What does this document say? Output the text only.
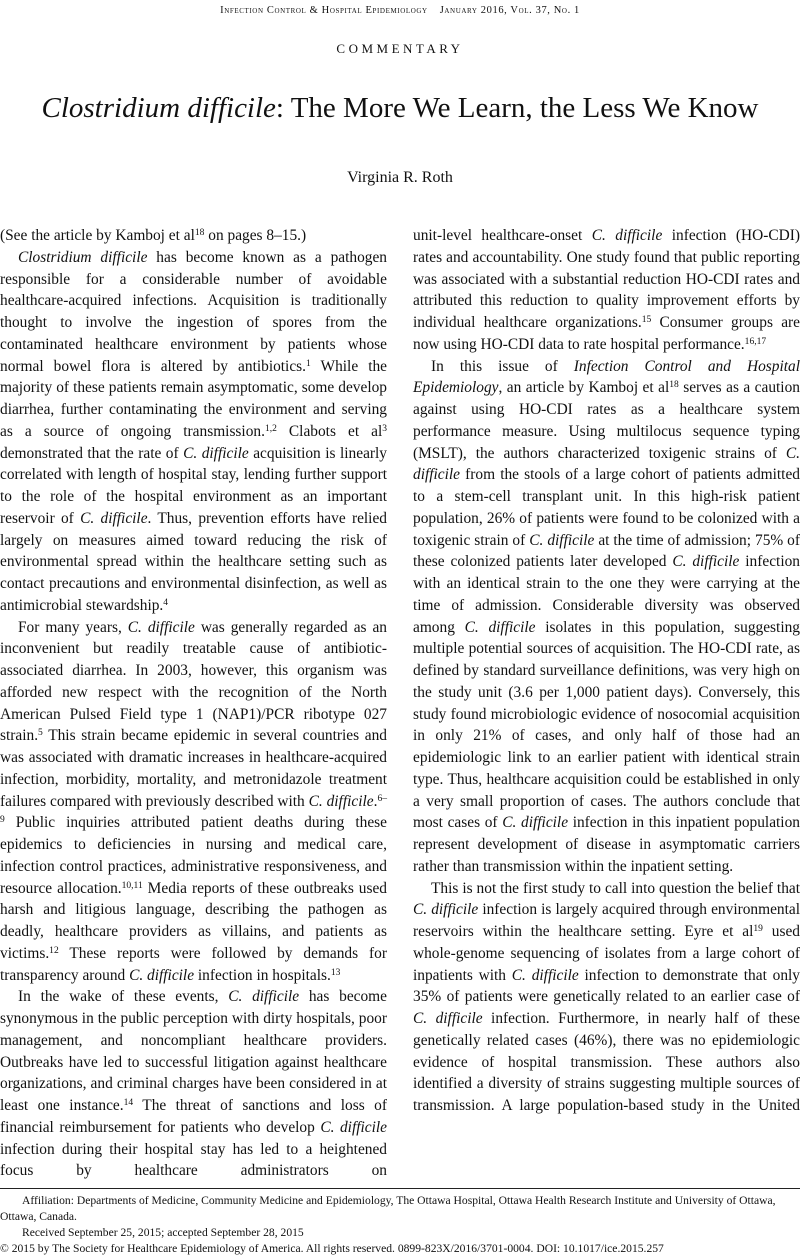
Infection Control & Hospital Epidemiology January 2016, Vol. 37, No. 1
COMMENTARY
Clostridium difficile: The More We Learn, the Less We Know
Virginia R. Roth

(See the article by Kamboj et $al^{18}$ on pages 8–15.)

Clostridium difficile has become known as a pathogen responsible for a considerable number of avoidable healthcare-acquired infections. Acquisition is traditionally thought to involve the ingestion of spores from the contaminated healthcare environment by patients whose normal bowel flora is altered by antibiotics.$^1$ While the majority of these patients remain asymptomatic, some develop diarrhea, further contaminating the environment and serving as a source of ongoing transmission.$^{1,2}$ Clabots et $al^3$ demonstrated that the rate of C. difficile acquisition is linearly correlated with length of hospital stay, lending further support to the role of the hospital environment as an important reservoir of C. difficile. Thus, prevention efforts have relied largely on measures aimed toward reducing the risk of environmental spread within the healthcare setting such as contact precautions and environmental disinfection, as well as antimicrobial stewardship.$^4$

For many years, C. difficile was generally regarded as an inconvenient but readily treatable cause of antibiotic-associated diarrhea. In 2003, however, this organism was afforded new respect with the recognition of the North American Pulsed Field type 1 (NAP1)/PCR ribotype 027 strain.$^5$ This strain became epidemic in several countries and was associated with dramatic increases in healthcare-acquired infection, morbidity, mortality, and metronidazole treatment failures compared with previously described with C. difficile.$^{6-9}$ Public inquiries attributed patient deaths during these epidemics to deficiencies in nursing and medical care, infection control practices, administrative responsiveness, and resource allocation.$^{10,11}$ Media reports of these outbreaks used harsh and litigious language, describing the pathogen as deadly, healthcare providers as villains, and patients as victims.$^{12}$ These reports were followed by demands for transparency around C. difficile infection in hospitals.$^{13}$

In the wake of these events, C. difficile has become synonymous in the public perception with dirty hospitals, poor management, and noncompliant healthcare providers. Outbreaks have led to successful litigation against healthcare organizations, and criminal charges have been considered in at least one instance.$^{14}$ The threat of sanctions and loss of financial reimbursement for patients who develop C. difficile infection during their hospital stay has led to a heightened focus by healthcare administrators on

unit-level healthcare-onset C. difficile infection (HO-CDI) rates and accountability. One study found that public reporting was associated with a substantial reduction HO-CDI rates and attributed this reduction to quality improvement efforts by individual healthcare organizations.$^{15}$ Consumer groups are now using HO-CDI data to rate hospital performance.$^{16,17}$

In this issue of Infection Control and Hospital Epidemiology, an article by Kamboj et $al^{18}$ serves as a caution against using HO-CDI rates as a healthcare system performance measure. Using multilocus sequence typing (MSLT), the authors characterized toxigenic strains of C. difficile from the stools of a large cohort of patients admitted to a stem-cell transplant unit. In this high-risk patient population, 26% of patients were found to be colonized with a toxigenic strain of C. difficile at the time of admission; 75% of these colonized patients later developed C. difficile infection with an identical strain to the one they were carrying at the time of admission. Considerable diversity was observed among C. difficile isolates in this population, suggesting multiple potential sources of acquisition. The HO-CDI rate, as defined by standard surveillance definitions, was very high on the study unit (3.6 per 1,000 patient days). Conversely, this study found microbiologic evidence of nosocomial acquisition in only 21% of cases, and only half of those had an epidemiologic link to an earlier patient with identical strain type. Thus, healthcare acquisition could be established in only a very small proportion of cases. The authors conclude that most cases of C. difficile infection in this inpatient population represent development of disease in asymptomatic carriers rather than transmission within the inpatient setting.

This is not the first study to call into question the belief that C. difficile infection is largely acquired through environmental reservoirs within the healthcare setting. Eyre et $al^{19}$ used whole-genome sequencing of isolates from a large cohort of inpatients with C. difficile infection to demonstrate that only 35% of patients were genetically related to an earlier case of C. difficile infection. Furthermore, in nearly half of these genetically related cases (46%), there was no epidemiologic evidence of hospital transmission. These authors also identified a diversity of strains suggesting multiple sources of transmission. A large population-based study in the United

Affiliation: Departments of Medicine, Community Medicine and Epidemiology, The Ottawa Hospital, Ottawa Health Research Institute and University of Ottawa, Ottawa, Canada.
Received September 25, 2015; accepted September 28, 2015
© 2015 by The Society for Healthcare Epidemiology of America. All rights reserved. 0899-823X/2016/3701-0004. DOI: 10.1017/ice.2015.257
